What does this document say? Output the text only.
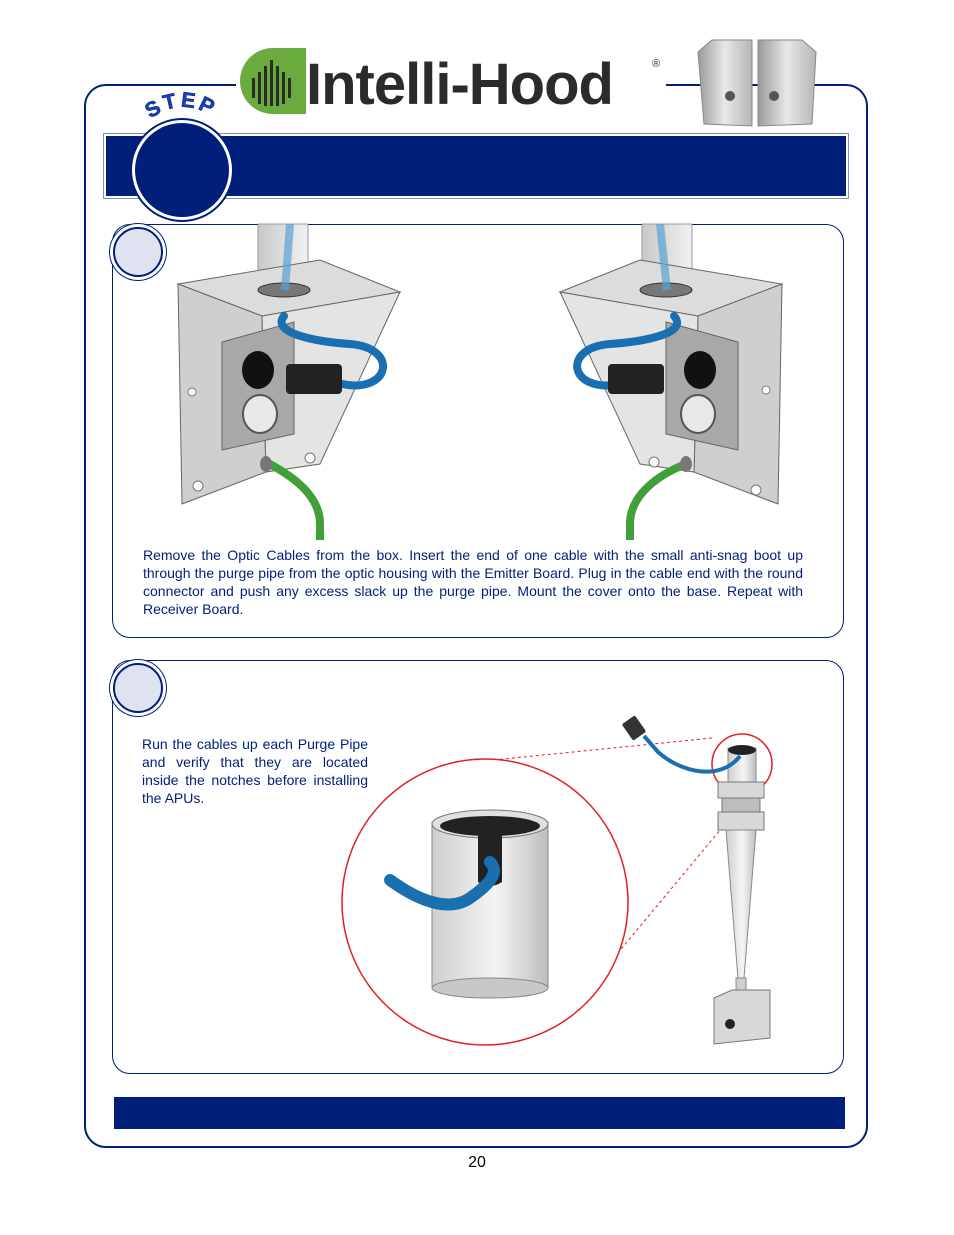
Intelli-Hood	®
STEP
Remove the Optic Cables from the box. Insert the end of one cable with the small anti-snag boot up through the purge pipe from the optic housing with the Emitter Board. Plug in the cable end with the round connector and push any excess slack up the purge pipe. Mount the cover onto the base. Repeat with Receiver Board.
Run the cables up each Purge Pipe and verify that they are located inside the notches before installing the APUs.
20
